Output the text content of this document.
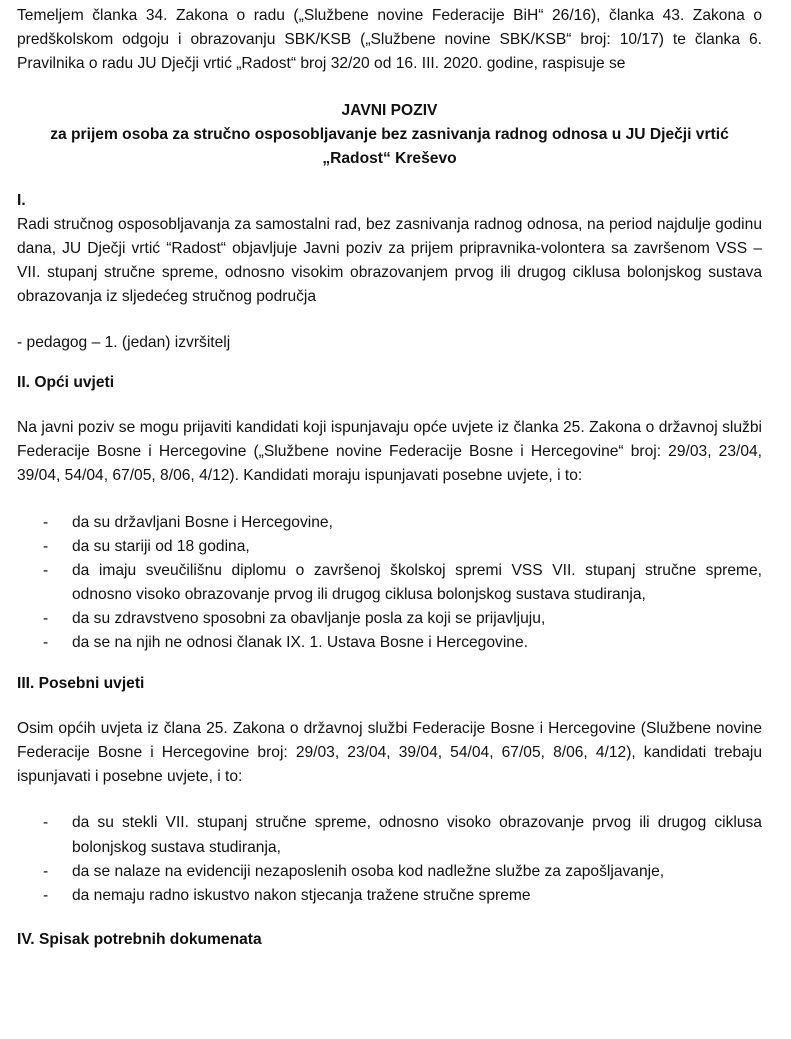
Temeljem članka 34. Zakona o radu („Službene novine Federacije BiH“ 26/16), članka 43. Zakona o predškolskom odgoju i obrazovanju SBK/KSB („Službene novine SBK/KSB“ broj: 10/17) te članka 6. Pravilnika o radu JU Dječji vrtić „Radost“ broj 32/20 od 16. III. 2020. godine, raspisuje se

JAVNI POZIV
za prijem osoba za stručno osposobljavanje bez zasnivanja radnog odnosa u JU Dječji vrtić
„Radost“ Kreševo
I.

Radi stručnog osposobljavanja za samostalni rad, bez zasnivanja radnog odnosa, na period najdulje godinu dana, JU Dječji vrtić “Radost“ objavljuje Javni poziv za prijem pripravnika-volontera sa završenom VSS – VII. stupanj stručne spreme, odnosno visokim obrazovanjem prvog ili drugog ciklusa bolonjskog sustava obrazovanja iz sljedećeg stručnog područja

- pedagog – 1. (jedan) izvršitelj

II. Opći uvjeti

Na javni poziv se mogu prijaviti kandidati koji ispunjavaju opće uvjete iz članka 25. Zakona o državnoj službi Federacije Bosne i Hercegovine („Službene novine Federacije Bosne i Hercegovine“ broj: 29/03, 23/04, 39/04, 54/04, 67/05, 8/06, 4/12). Kandidati moraju ispunjavati posebne uvjete, i to:

- da su državljani Bosne i Hercegovine,
- da su stariji od 18 godina,
- da imaju sveučilišnu diplomu o završenoj školskoj spremi VSS VII. stupanj stručne spreme, odnosno visoko obrazovanje prvog ili drugog ciklusa bolonjskog sustava studiranja,
- da su zdravstveno sposobni za obavljanje posla za koji se prijavljuju,
- da se na njih ne odnosi članak IX. 1. Ustava Bosne i Hercegovine.
III. Posebni uvjeti

Osim općih uvjeta iz člana 25. Zakona o državnoj službi Federacije Bosne i Hercegovine (Službene novine Federacije Bosne i Hercegovine broj: 29/03, 23/04, 39/04, 54/04, 67/05, 8/06, 4/12), kandidati trebaju ispunjavati i posebne uvjete, i to:

- da su stekli VII. stupanj stručne spreme, odnosno visoko obrazovanje prvog ili drugog ciklusa bolonjskog sustava studiranja,
- da se nalaze na evidenciji nezaposlenih osoba kod nadležne službe za zapošljavanje,
- da nemaju radno iskustvo nakon stjecanja tražene stručne spreme
IV. Spisak potrebnih dokumenata
